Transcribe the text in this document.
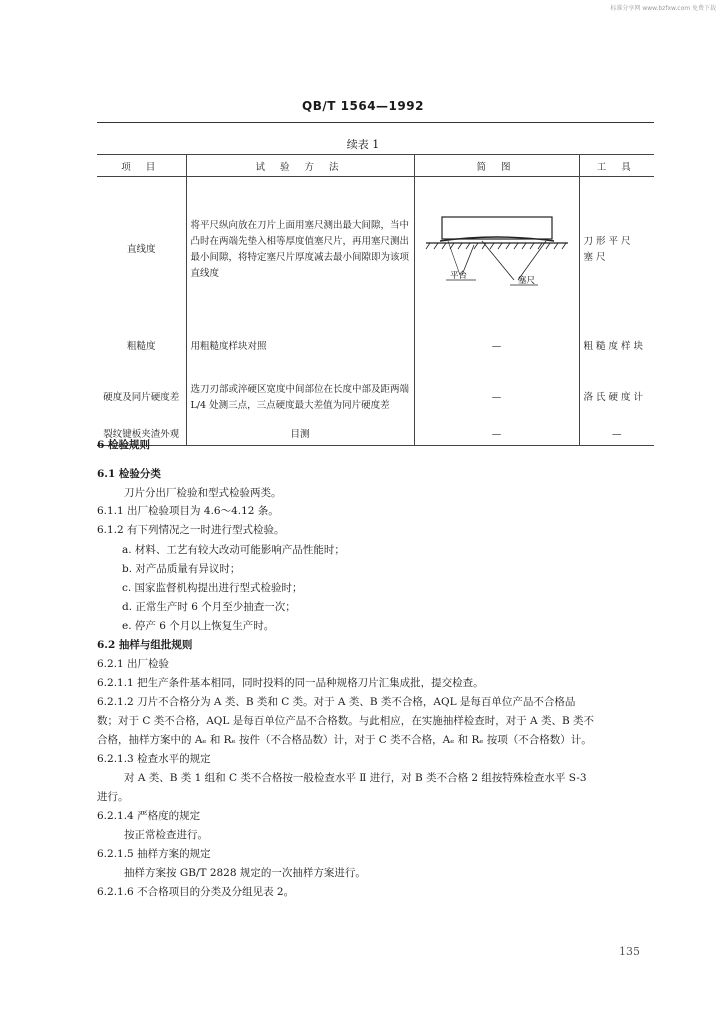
标准分享网 www.bzfxw.com 免费下载
QB/T 1564—1992
续表 1
项 目	试 验 方 法	简 图	工 具
直线度	将平尺纵向放在刀片上面用塞尺测出最大间隙，当中凸时在两端先垫入相等厚度值塞尺片，再用塞尺测出最小间隙，将特定塞尺片厚度减去最小间隙即为该项直线度	平台 塞尺	刀形平尺 塞尺
粗糙度	用粗糙度样块对照	—	粗糙度样块
硬度及同片硬度差	选刀刃部或淬硬区宽度中间部位在长度中部及距两端 L/4 处测三点，三点硬度最大差值为同片硬度差	—	洛氏硬度计
裂纹键板夹渣外观	目测	—	—
6 检验规则
6.1 检验分类
刀片分出厂检验和型式检验两类。
6.1.1 出厂检验项目为 4.6～4.12 条。
6.1.2 有下列情况之一时进行型式检验。
a. 材料、工艺有较大改动可能影响产品性能时；
b. 对产品质量有异议时；
c. 国家监督机构提出进行型式检验时；
d. 正常生产时 6 个月至少抽查一次；
e. 停产 6 个月以上恢复生产时。
6.2 抽样与组批规则
6.2.1 出厂检验
6.2.1.1 把生产条件基本相同，同时投料的同一品种规格刀片汇集成批，提交检查。
6.2.1.2 刀片不合格分为 A 类、B 类和 C 类。对于 A 类、B 类不合格，AQL 是每百单位产品不合格品
数；对于 C 类不合格，AQL 是每百单位产品不合格数。与此相应，在实施抽样检查时，对于 A 类、B 类不
合格，抽样方案中的 Aₑ 和 Rₑ 按件（不合格品数）计，对于 C 类不合格，Aₑ 和 Rₑ 按项（不合格数）计。
6.2.1.3 检查水平的规定
对 A 类、B 类 1 组和 C 类不合格按一般检查水平 Ⅱ 进行，对 B 类不合格 2 组按特殊检查水平 S-3
进行。
6.2.1.4 严格度的规定
按正常检查进行。
6.2.1.5 抽样方案的规定
抽样方案按 GB/T 2828 规定的一次抽样方案进行。
6.2.1.6 不合格项目的分类及分组见表 2。
135
